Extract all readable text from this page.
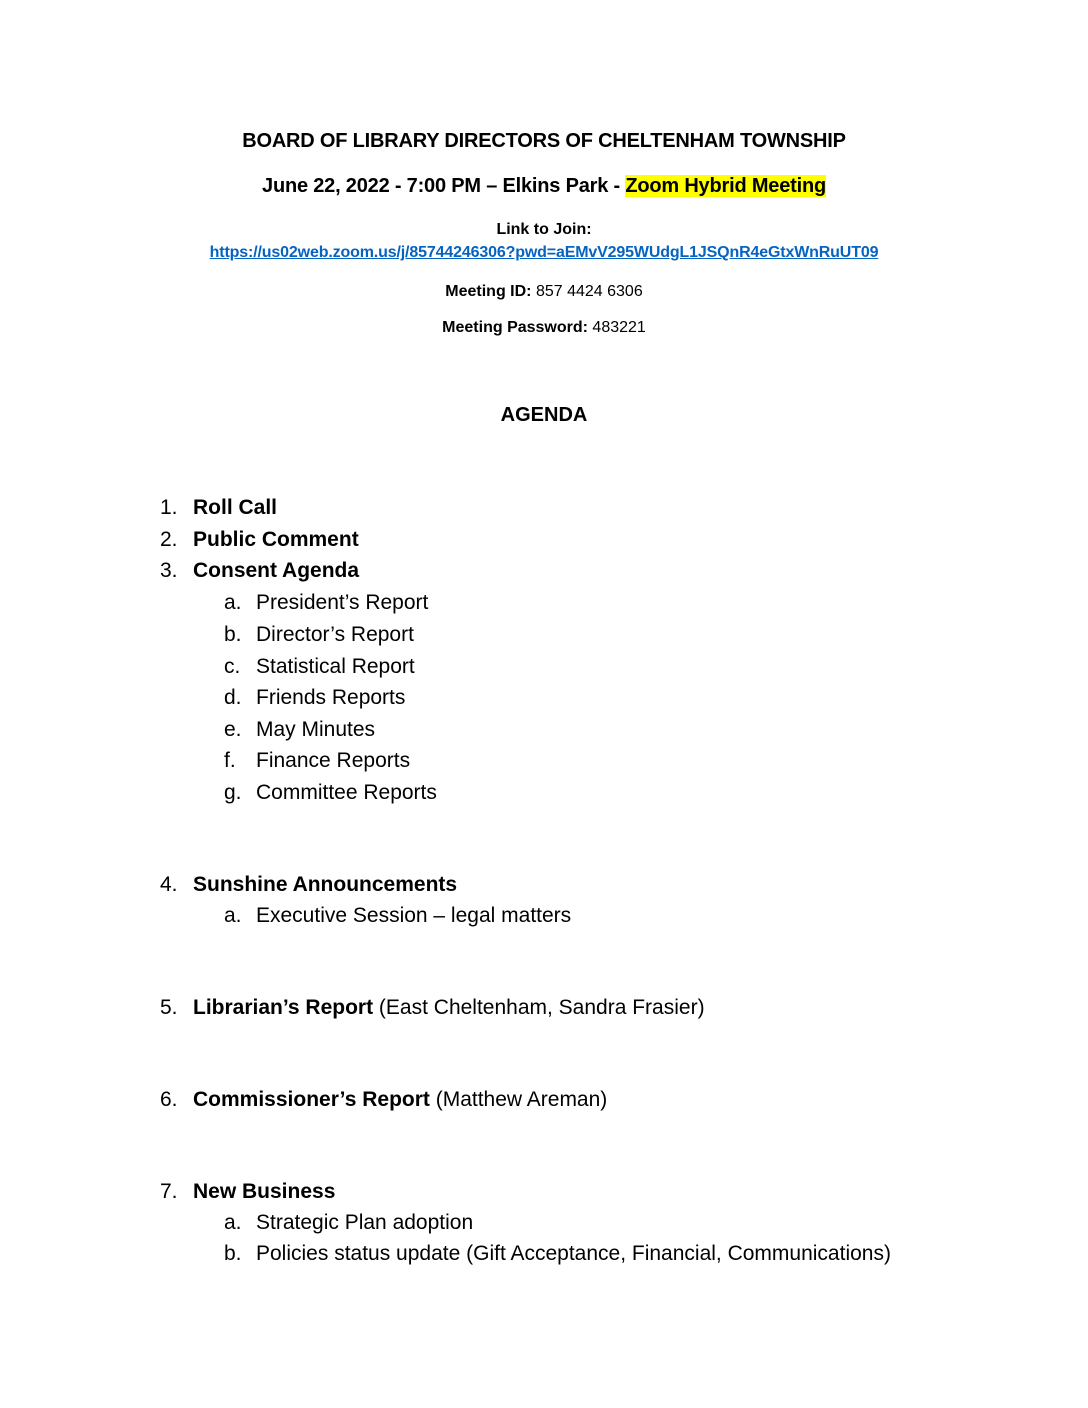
BOARD OF LIBRARY DIRECTORS OF CHELTENHAM TOWNSHIP
June 22, 2022 - 7:00 PM – Elkins Park - Zoom Hybrid Meeting
Link to Join:
https://us02web.zoom.us/j/85744246306?pwd=aEMvV295WUdgL1JSQnR4eGtxWnRuUT09
Meeting ID: 857 4424 6306
Meeting Password: 483221
AGENDA
1. Roll Call
2. Public Comment
3. Consent Agenda
a. President’s Report
b. Director’s Report
c. Statistical Report
d. Friends Reports
e. May Minutes
f. Finance Reports
g. Committee Reports
4. Sunshine Announcements
a. Executive Session – legal matters
5. Librarian’s Report (East Cheltenham, Sandra Frasier)
6. Commissioner’s Report (Matthew Areman)
7. New Business
a. Strategic Plan adoption
b. Policies status update (Gift Acceptance, Financial, Communications)
